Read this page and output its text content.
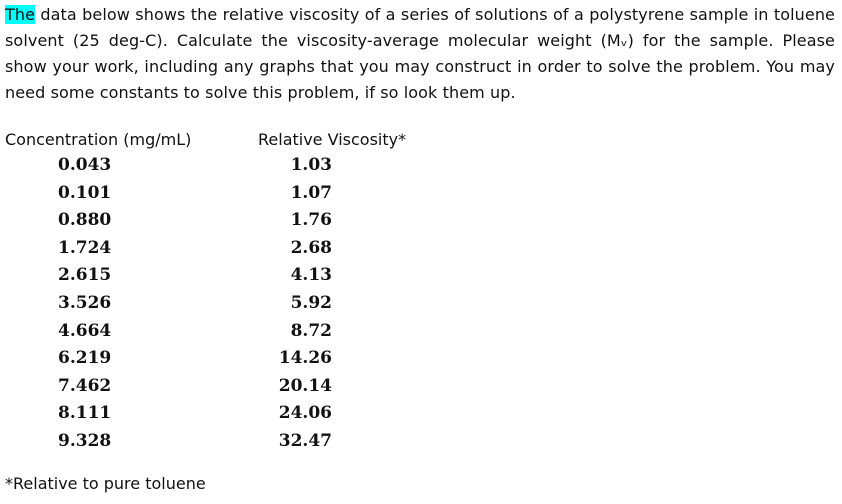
The data below shows the relative viscosity of a series of solutions of a polystyrene sample in toluene solvent (25 deg-C). Calculate the viscosity-average molecular weight (Mᵥ) for the sample. Please show your work, including any graphs that you may construct in order to solve the problem. You may need some constants to solve this problem, if so look them up.

Concentration (mg/mL)	Relative Viscosity*
0.043
0.101
0.880
1.724
2.615
3.526
4.664
6.219
7.462
8.111
9.328
1.03
1.07
1.76
2.68
4.13
5.92
8.72
14.26
20.14
24.06
32.47
*Relative to pure toluene
